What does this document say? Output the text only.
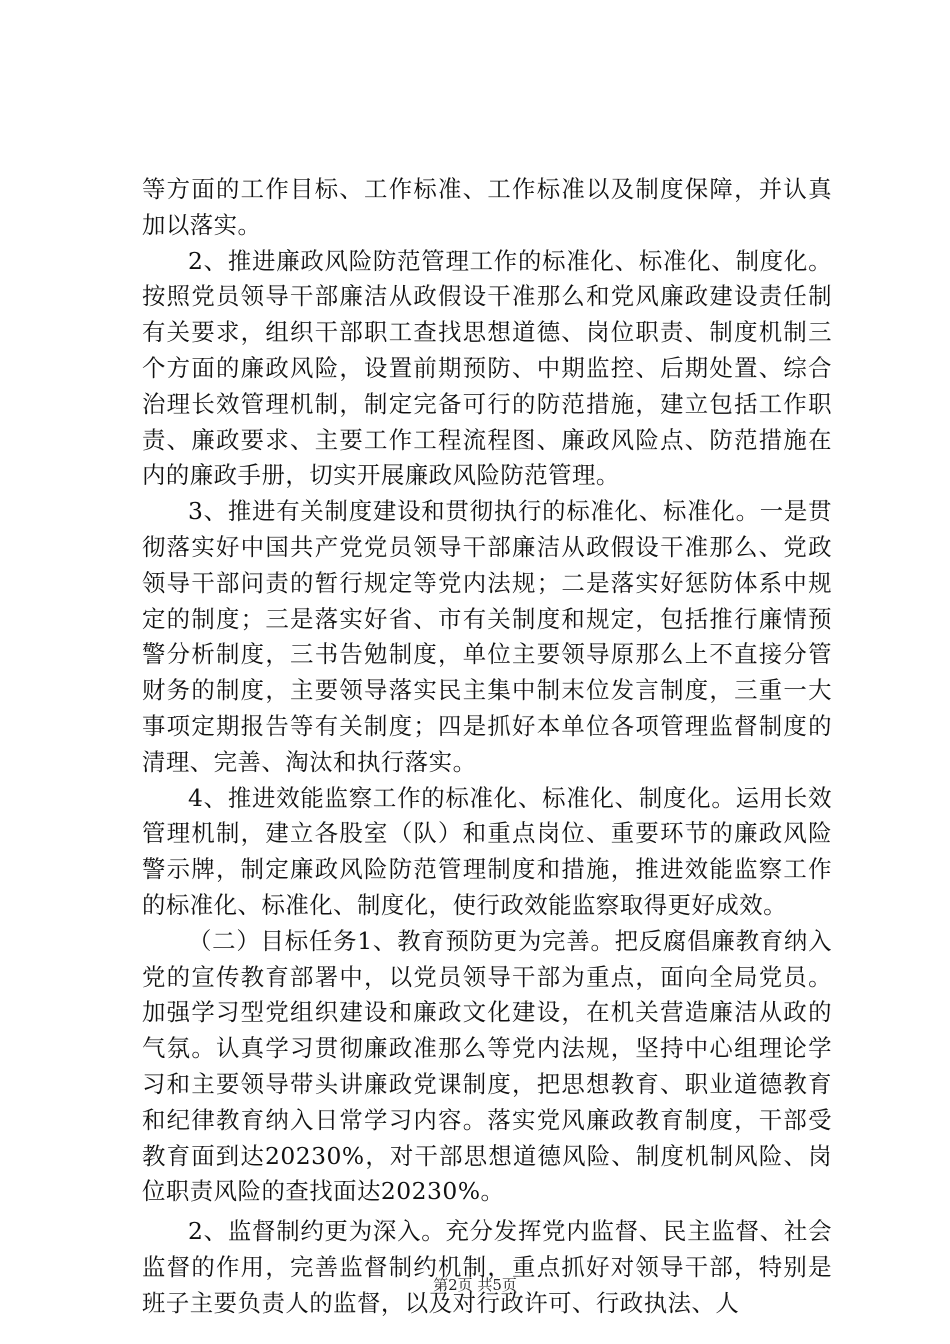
等方面的工作目标、工作标准、工作标准以及制度保障，并认真加以落实。

2、推进廉政风险防范管理工作的标准化、标准化、制度化。按照党员领导干部廉洁从政假设干准那么和党风廉政建设责任制有关要求，组织干部职工查找思想道德、岗位职责、制度机制三个方面的廉政风险，设置前期预防、中期监控、后期处置、综合治理长效管理机制，制定完备可行的防范措施，建立包括工作职责、廉政要求、主要工作工程流程图、廉政风险点、防范措施在内的廉政手册，切实开展廉政风险防范管理。

3、推进有关制度建设和贯彻执行的标准化、标准化。一是贯彻落实好中国共产党党员领导干部廉洁从政假设干准那么、党政领导干部问责的暂行规定等党内法规；二是落实好惩防体系中规定的制度；三是落实好省、市有关制度和规定，包括推行廉情预警分析制度，三书告勉制度，单位主要领导原那么上不直接分管财务的制度，主要领导落实民主集中制末位发言制度，三重一大事项定期报告等有关制度；四是抓好本单位各项管理监督制度的清理、完善、淘汰和执行落实。

4、推进效能监察工作的标准化、标准化、制度化。运用长效管理机制，建立各股室（队）和重点岗位、重要环节的廉政风险警示牌，制定廉政风险防范管理制度和措施，推进效能监察工作的标准化、标准化、制度化，使行政效能监察取得更好成效。

（二）目标任务1、教育预防更为完善。把反腐倡廉教育纳入党的宣传教育部署中，以党员领导干部为重点，面向全局党员。加强学习型党组织建设和廉政文化建设，在机关营造廉洁从政的气氛。认真学习贯彻廉政准那么等党内法规，坚持中心组理论学习和主要领导带头讲廉政党课制度，把思想教育、职业道德教育和纪律教育纳入日常学习内容。落实党风廉政教育制度，干部受教育面到达20230%，对干部思想道德风险、制度机制风险、岗位职责风险的查找面达20230%。

2、监督制约更为深入。充分发挥党内监督、民主监督、社会监督的作用，完善监督制约机制，重点抓好对领导干部，特别是班子主要负责人的监督，以及对行政许可、行政执法、人

第2页 共5页
